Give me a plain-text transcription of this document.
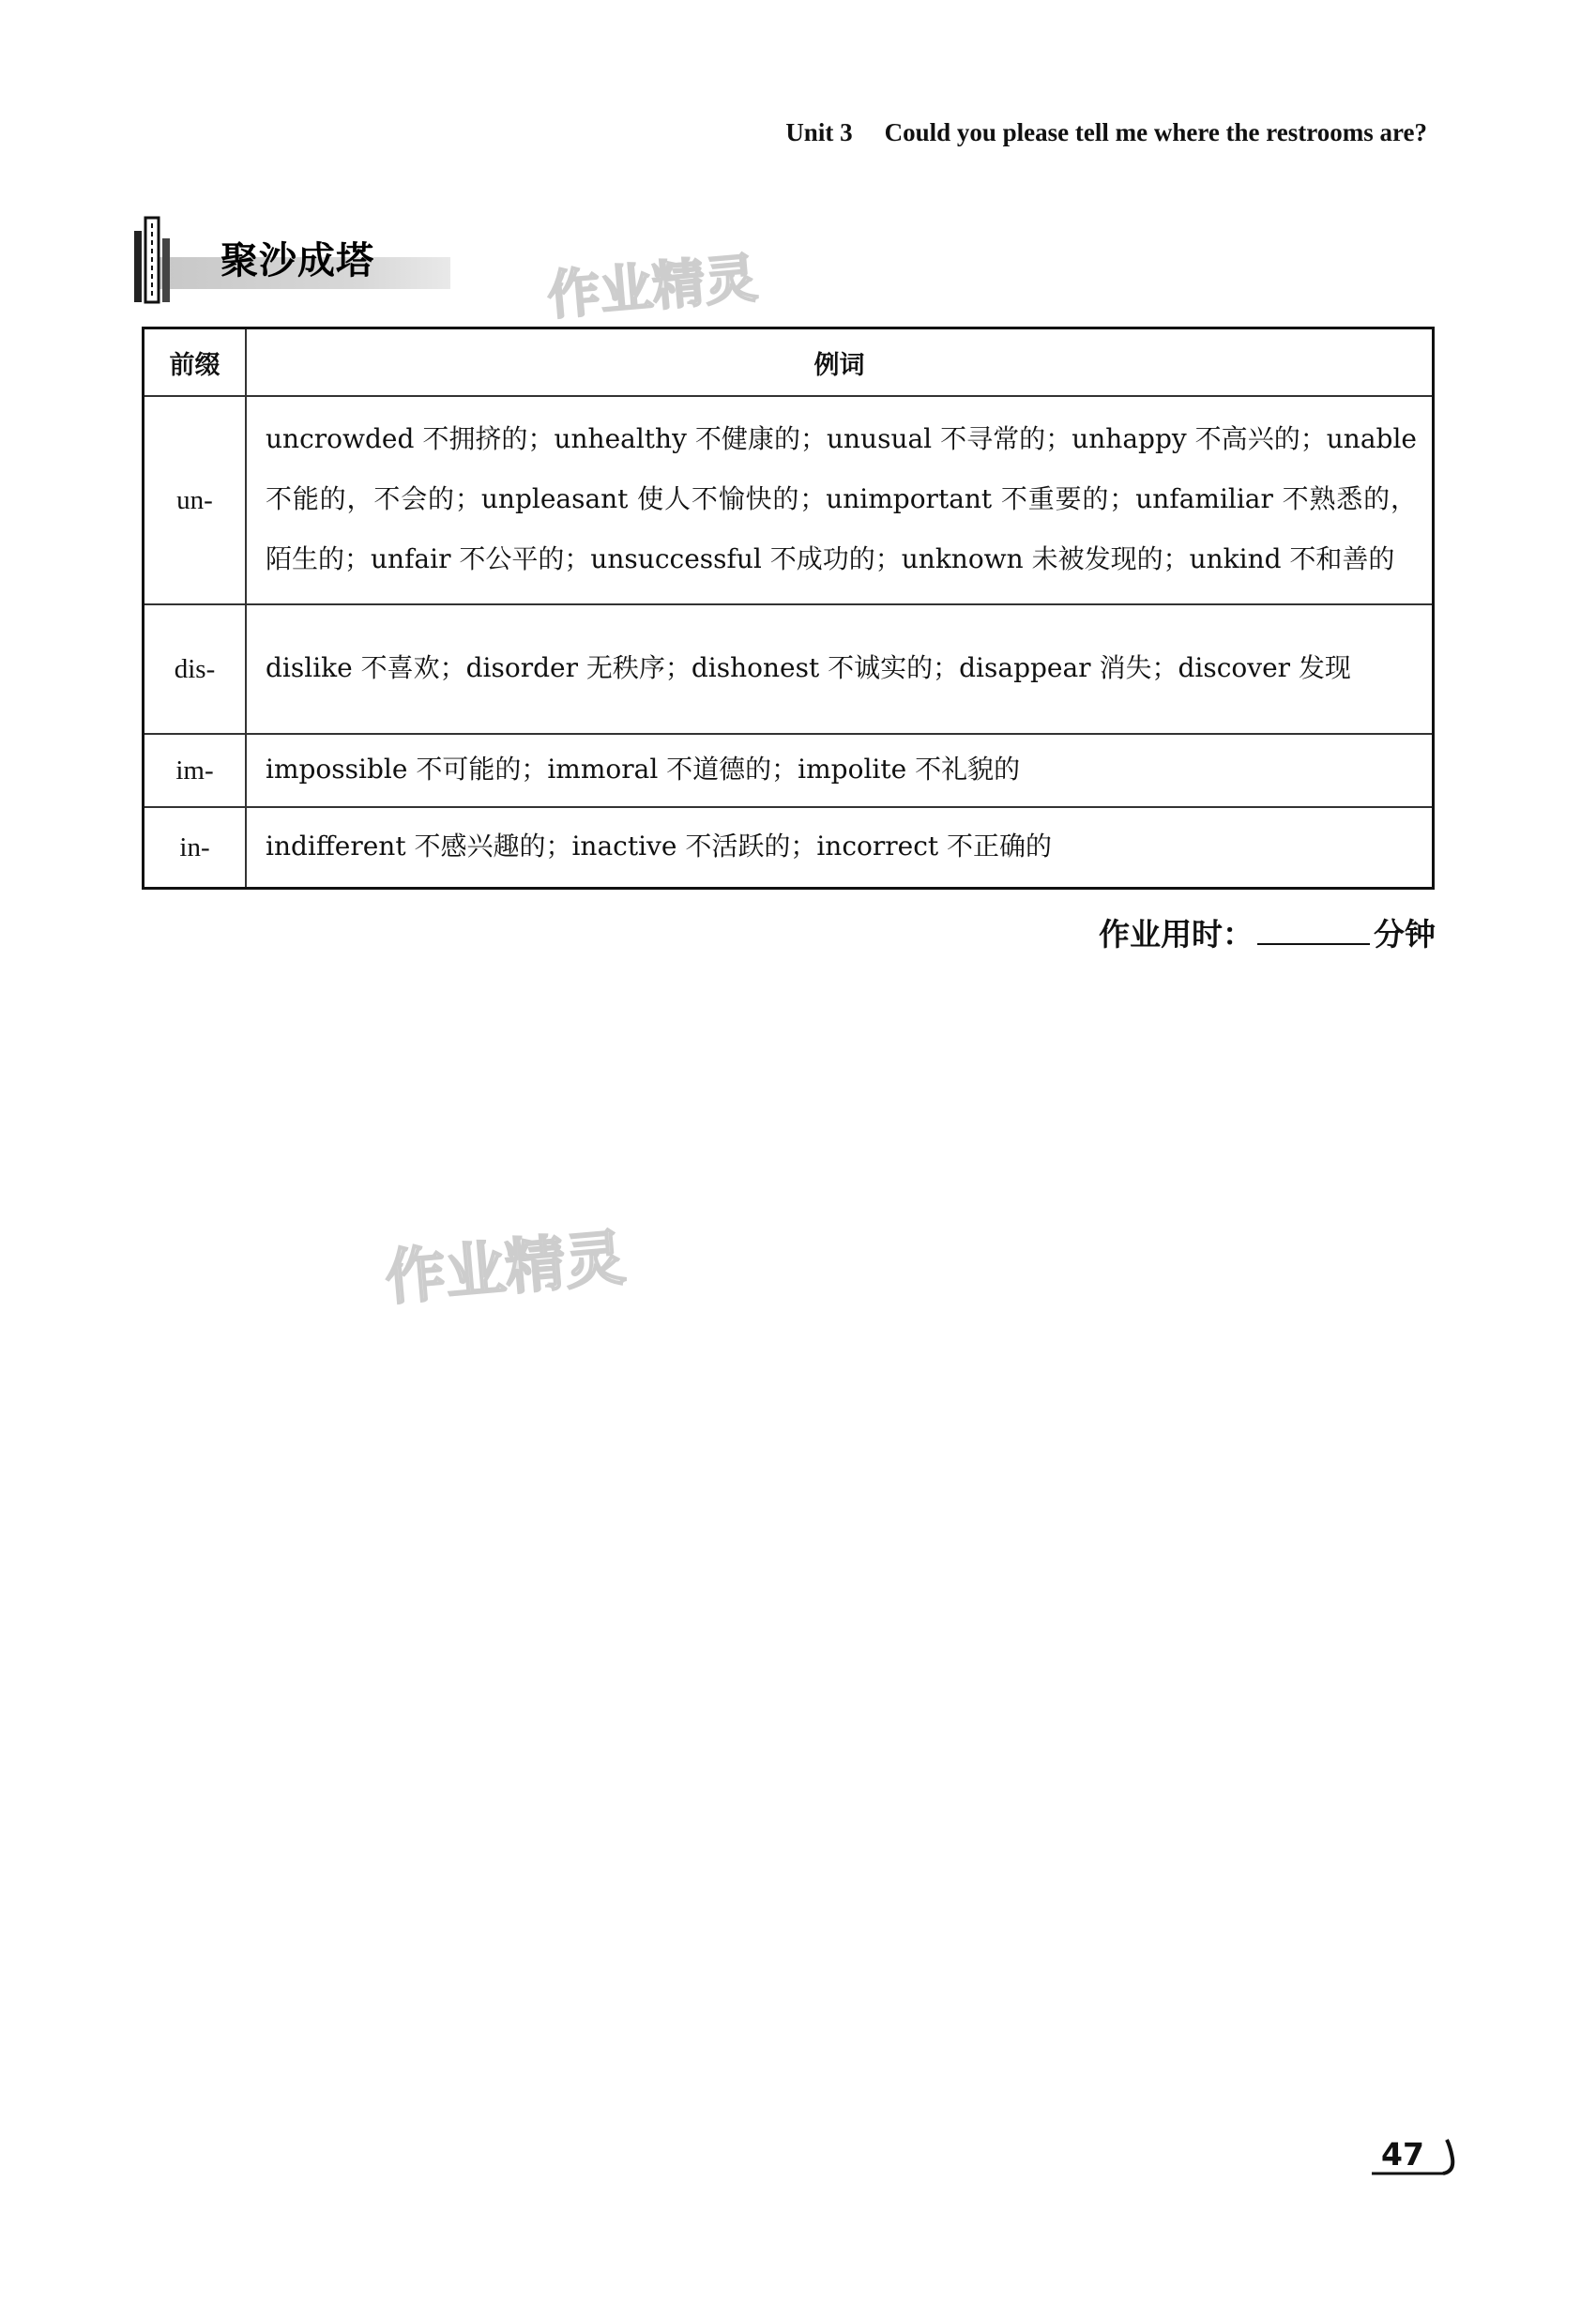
Unit 3 Could you please tell me where the restrooms are?
聚沙成塔	作业精灵
作业精灵
前缀	例词
un-	uncrowded 不拥挤的；unhealthy 不健康的；unusual 不寻常的；unhappy 不高兴的；unable 不能的，不会的；unpleasant 使人不愉快的；unimportant 不重要的；unfamiliar 不熟悉的，陌生的；unfair 不公平的；unsuccessful 不成功的；unknown 未被发现的；unkind 不和善的
dis-	dislike 不喜欢；disorder 无秩序；dishonest 不诚实的；disappear 消失；discover 发现
im-	impossible 不可能的；immoral 不道德的；impolite 不礼貌的
in-	indifferent 不感兴趣的；inactive 不活跃的；incorrect 不正确的
作业用时：	分钟
47
